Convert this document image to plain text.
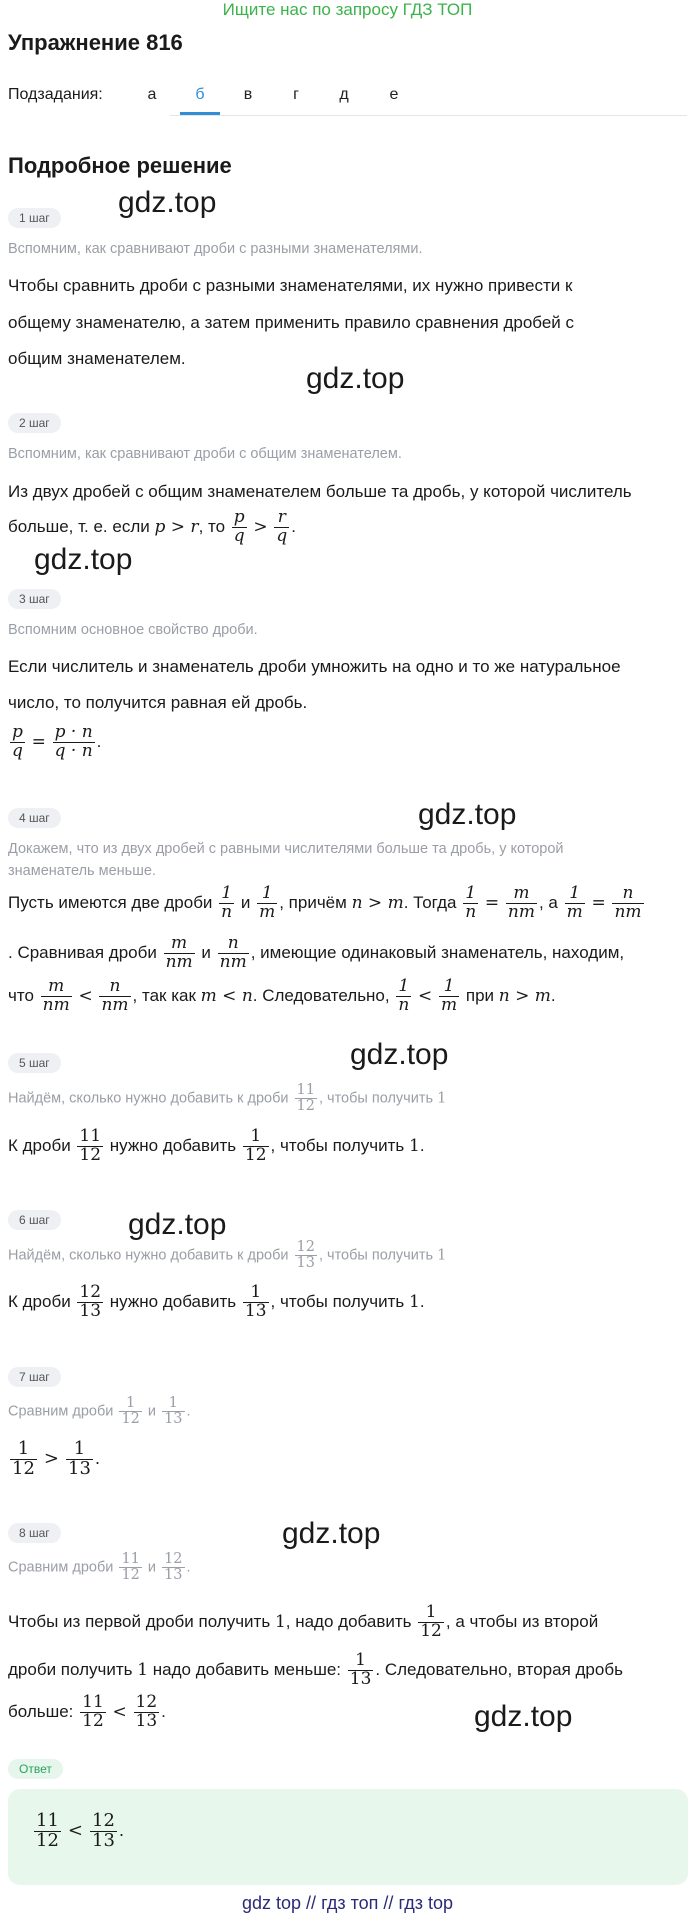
Ищите нас по запросу ГДЗ ТОП
Упражнение 816
Подзадания:	а	б	в	г	д	е
Подробное решение
gdz.top
gdz.top
gdz.top
gdz.top
gdz.top
gdz.top
gdz.top
gdz.top
1 шаг
Вспомним, как сравнивают дроби с разными знаменателями.
Чтобы сравнить дроби с разными знаменателями, их нужно привести к
общему знаменателю, а затем применить правило сравнения дробей с
общим знаменателем.
2 шаг
Вспомним, как сравнивают дроби с общим знаменателем.
Из двух дробей с общим знаменателем больше та дробь, у которой числитель
больше, т. е. если p > r, то $\frac{p}{q} > \frac{r}{q}$ .
3 шаг
Вспомним основное свойство дроби.
Если числитель и знаменатель дроби умножить на одно и то же натуральное
число, то получится равная ей дробь.
$\frac{p}{q} = \frac{p \cdot n}{q \cdot n}$ .
4 шаг
Докажем, что из двух дробей с равными числителями больше та дробь, у которой
знаменатель меньше.
Пусть имеются две дроби $\frac{1}{n}$ и $\frac{1}{m}$ , причём n > m. Тогда $\frac{1}{n} = \frac{m}{nm}$ , а $\frac{1}{m} = \frac{n}{nm}$
. Сравнивая дроби $\frac{m}{nm}$ и $\frac{n}{nm}$ , имеющие одинаковый знаменатель, находим,
что $\frac{m}{nm} < \frac{n}{nm}$ , так как m < n. Следовательно, $\frac{1}{n} < \frac{1}{m}$ при n > m.
5 шаг
Найдём, сколько нужно добавить к дроби $\frac{11}{12}$ , чтобы получить 1
К дроби $\frac{11}{12}$ нужно добавить $\frac{1}{12}$ , чтобы получить 1.
6 шаг
Найдём, сколько нужно добавить к дроби $\frac{12}{13}$ , чтобы получить 1
К дроби $\frac{12}{13}$ нужно добавить $\frac{1}{13}$ , чтобы получить 1.
7 шаг
Сравним дроби $\frac{1}{12}$ и $\frac{1}{13}$ .
$\frac{1}{12} > \frac{1}{13}$ .
8 шаг
Сравним дроби $\frac{11}{12}$ и $\frac{12}{13}$ .
Чтобы из первой дроби получить 1, надо добавить $\frac{1}{12}$ , а чтобы из второй
дроби получить 1 надо добавить меньше: $\frac{1}{13}$ . Следовательно, вторая дробь
больше: $\frac{11}{12} < \frac{12}{13}$ .
Ответ
$\frac{11}{12} < \frac{12}{13}$ .
gdz top // гдз топ // гдз top
